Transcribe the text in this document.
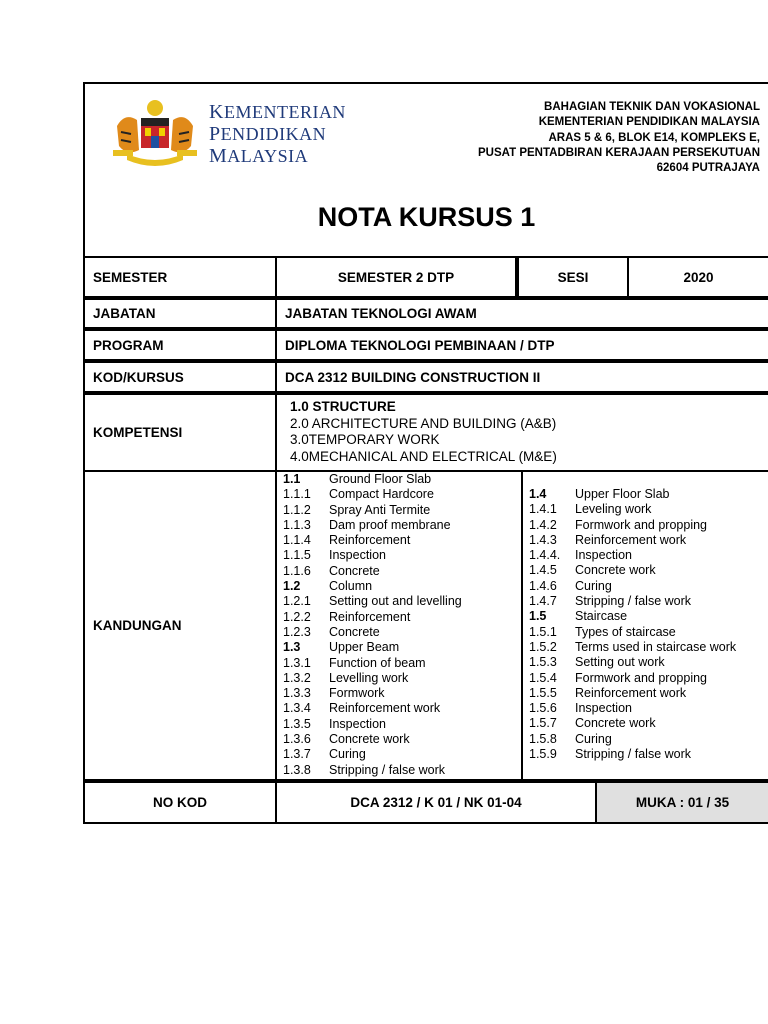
KEMENTERIAN
PENDIDIKAN
MALAYSIA
BAHAGIAN TEKNIK DAN VOKASIONAL
KEMENTERIAN PENDIDIKAN MALAYSIA
ARAS 5 & 6, BLOK E14, KOMPLEKS E,
PUSAT PENTADBIRAN KERAJAAN PERSEKUTUAN
62604 PUTRAJAYA
NOTA KURSUS 1
SEMESTER	SEMESTER 2 DTP	SESI	2020
JABATAN	JABATAN TEKNOLOGI AWAM
PROGRAM	DIPLOMA TEKNOLOGI PEMBINAAN / DTP
KOD/KURSUS	DCA 2312 BUILDING CONSTRUCTION II
KOMPETENSI
1.0 STRUCTURE
2.0 ARCHITECTURE AND BUILDING (A&B)
3.0TEMPORARY WORK
4.0MECHANICAL AND ELECTRICAL (M&E)
KANDUNGAN
1.1 Ground Floor Slab
1.1.1 Compact Hardcore
1.1.2 Spray Anti Termite
1.1.3 Dam proof membrane
1.1.4 Reinforcement
1.1.5 Inspection
1.1.6 Concrete
1.2 Column
1.2.1 Setting out and levelling
1.2.2 Reinforcement
1.2.3 Concrete
1.3 Upper Beam
1.3.1 Function of beam
1.3.2 Levelling work
1.3.3 Formwork
1.3.4 Reinforcement work
1.3.5 Inspection
1.3.6 Concrete work
1.3.7 Curing
1.3.8 Stripping / false work
1.4 Upper Floor Slab
1.4.1 Leveling work
1.4.2 Formwork and propping
1.4.3 Reinforcement work
1.4.4. Inspection
1.4.5 Concrete work
1.4.6 Curing
1.4.7 Stripping / false work
1.5 Staircase
1.5.1 Types of staircase
1.5.2 Terms used in staircase work
1.5.3 Setting out work
1.5.4 Formwork and propping
1.5.5 Reinforcement work
1.5.6 Inspection
1.5.7 Concrete work
1.5.8 Curing
1.5.9 Stripping / false work
NO KOD	DCA 2312 / K 01 / NK 01-04	MUKA : 01 / 35
